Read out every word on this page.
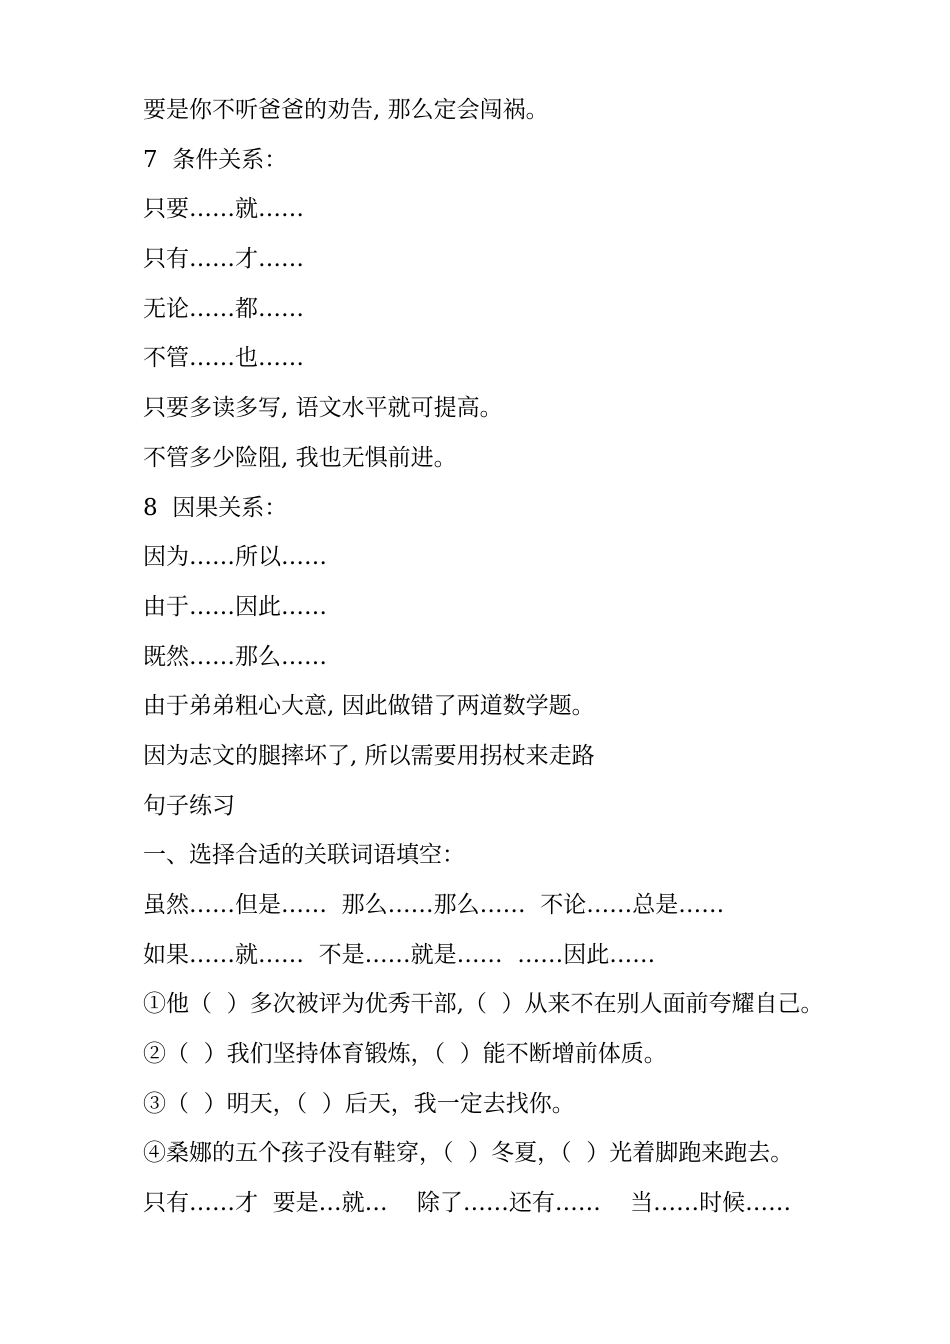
要是你不听爸爸的劝告, 那么定会闯祸。
7  条件关系：
只要……就……
只有……才……
无论……都……
不管……也……
只要多读多写, 语文水平就可提高。
不管多少险阻, 我也无惧前进。
8  因果关系：
因为……所以……
由于……因此……
既然……那么……
由于弟弟粗心大意, 因此做错了两道数学题。
因为志文的腿摔坏了, 所以需要用拐杖来走路
句子练习
一、选择合适的关联词语填空：
虽然……但是……  那么……那么……  不论……总是……
如果……就……  不是……就是……  ……因此……
①他（  ）多次被评为优秀干部,（  ）从来不在别人面前夸耀自己。
②（  ）我们坚持体育锻炼，（  ）能不断增前体质。
③（  ）明天，（  ）后天，我一定去找你。
④桑娜的五个孩子没有鞋穿，（  ）冬夏，（  ）光着脚跑来跑去。
只有……才  要是…就…    除了……还有……    当……时候……
